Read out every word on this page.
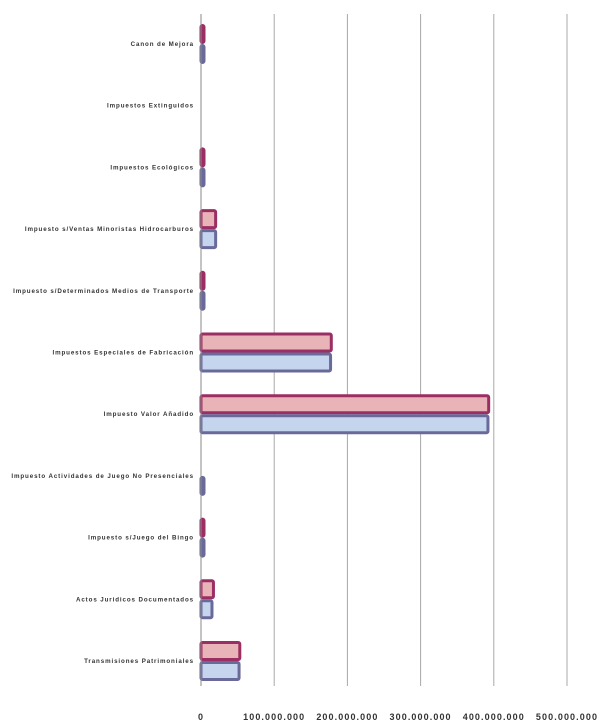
Canon de Mejora
Impuestos Extinguidos
Impuestos Ecológicos
Impuesto s/Ventas Minoristas Hidrocarburos
Impuesto s/Determinados Medios de Transporte
Impuestos Especiales de Fabricación
Impuesto Valor Añadido
Impuesto Actividades de Juego No Presenciales
Impuesto s/Juego del Bingo
Actos Juridicos Documentados
Transmisiones Patrimoniales
0	100.000.000 200.000.000 300.000.000 400.000.000 500.000.000
